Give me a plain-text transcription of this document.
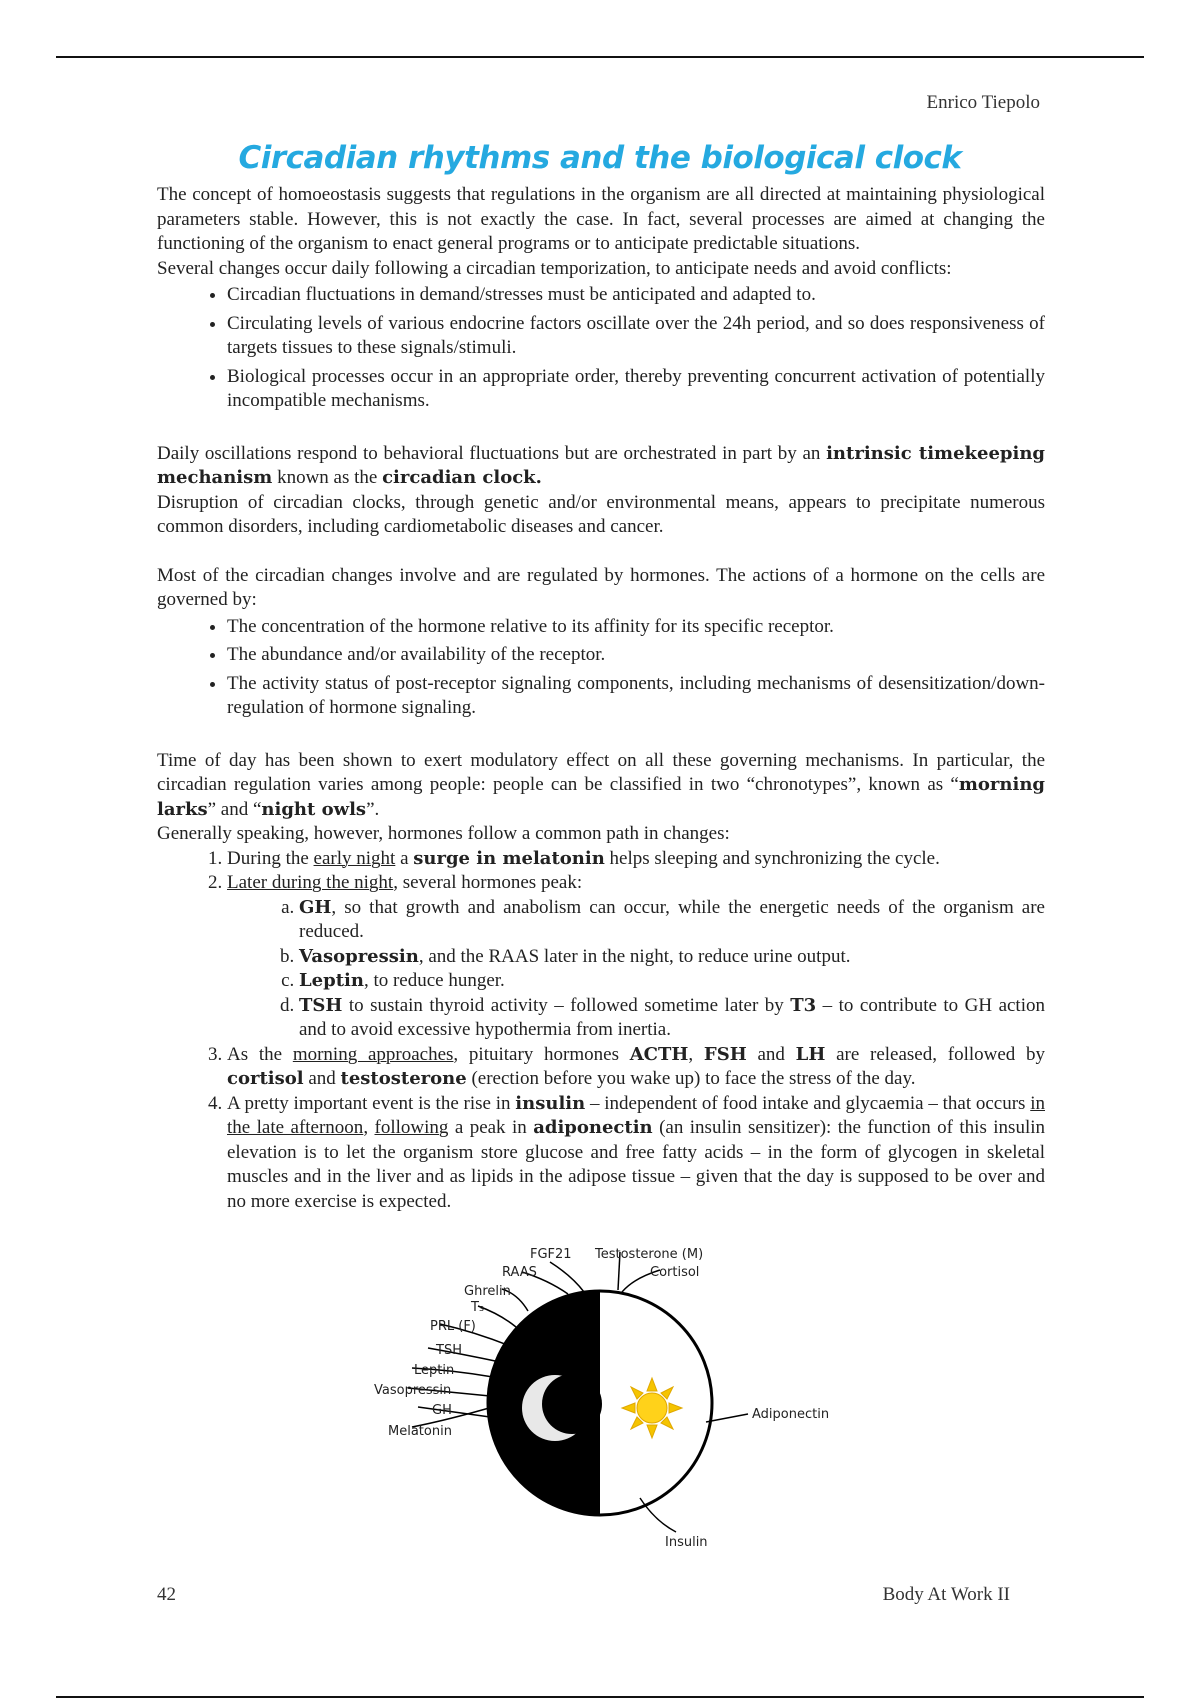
Enrico Tiepolo
Circadian rhythms and the biological clock

The concept of homoeostasis suggests that regulations in the organism are all directed at maintaining physiological parameters stable. However, this is not exactly the case. In fact, several processes are aimed at changing the functioning of the organism to enact general programs or to anticipate predictable situations.

Several changes occur daily following a circadian temporization, to anticipate needs and avoid conflicts:

• Circadian fluctuations in demand/stresses must be anticipated and adapted to.
• Circulating levels of various endocrine factors oscillate over the 24h period, and so does responsiveness of targets tissues to these signals/stimuli.
• Biological processes occur in an appropriate order, thereby preventing concurrent activation of potentially incompatible mechanisms.

Daily oscillations respond to behavioral fluctuations but are orchestrated in part by an intrinsic timekeeping mechanism known as the circadian clock.

Disruption of circadian clocks, through genetic and/or environmental means, appears to precipitate numerous common disorders, including cardiometabolic diseases and cancer.

Most of the circadian changes involve and are regulated by hormones. The actions of a hormone on the cells are governed by:

• The concentration of the hormone relative to its affinity for its specific receptor.
• The abundance and/or availability of the receptor.
• The activity status of post-receptor signaling components, including mechanisms of desensitization/down-regulation of hormone signaling.

Time of day has been shown to exert modulatory effect on all these governing mechanisms. In particular, the circadian regulation varies among people: people can be classified in two “chronotypes”, known as “morning larks” and “night owls”.

Generally speaking, however, hormones follow a common path in changes:

1. During the early night a surge in melatonin helps sleeping and synchronizing the cycle.
2. Later during the night, several hormones peak:
a. GH, so that growth and anabolism can occur, while the energetic needs of the organism are reduced.
b. Vasopressin, and the RAAS later in the night, to reduce urine output.
c. Leptin, to reduce hunger.
d. TSH to sustain thyroid activity – followed sometime later by T3 – to contribute to GH action and to avoid excessive hypothermia from inertia.
3. As the morning approaches, pituitary hormones ACTH, FSH and LH are released, followed by cortisol and testosterone (erection before you wake up) to face the stress of the day.
4. A pretty important event is the rise in insulin – independent of food intake and glycaemia – that occurs in the late afternoon, following a peak in adiponectin (an insulin sensitizer): the function of this insulin elevation is to let the organism store glucose and free fatty acids – in the form of glycogen in skeletal muscles and in the liver and as lipids in the adipose tissue – given that the day is supposed to be over and no more exercise is expected.
FGF21 Testosterone (M)
RAAS	Cortisol
Ghrelin
T₃
PRL (F)
TSH
Leptin
Vasopressin
GH
Melatonin
Adiponectin
Insulin
42	Body At Work II
